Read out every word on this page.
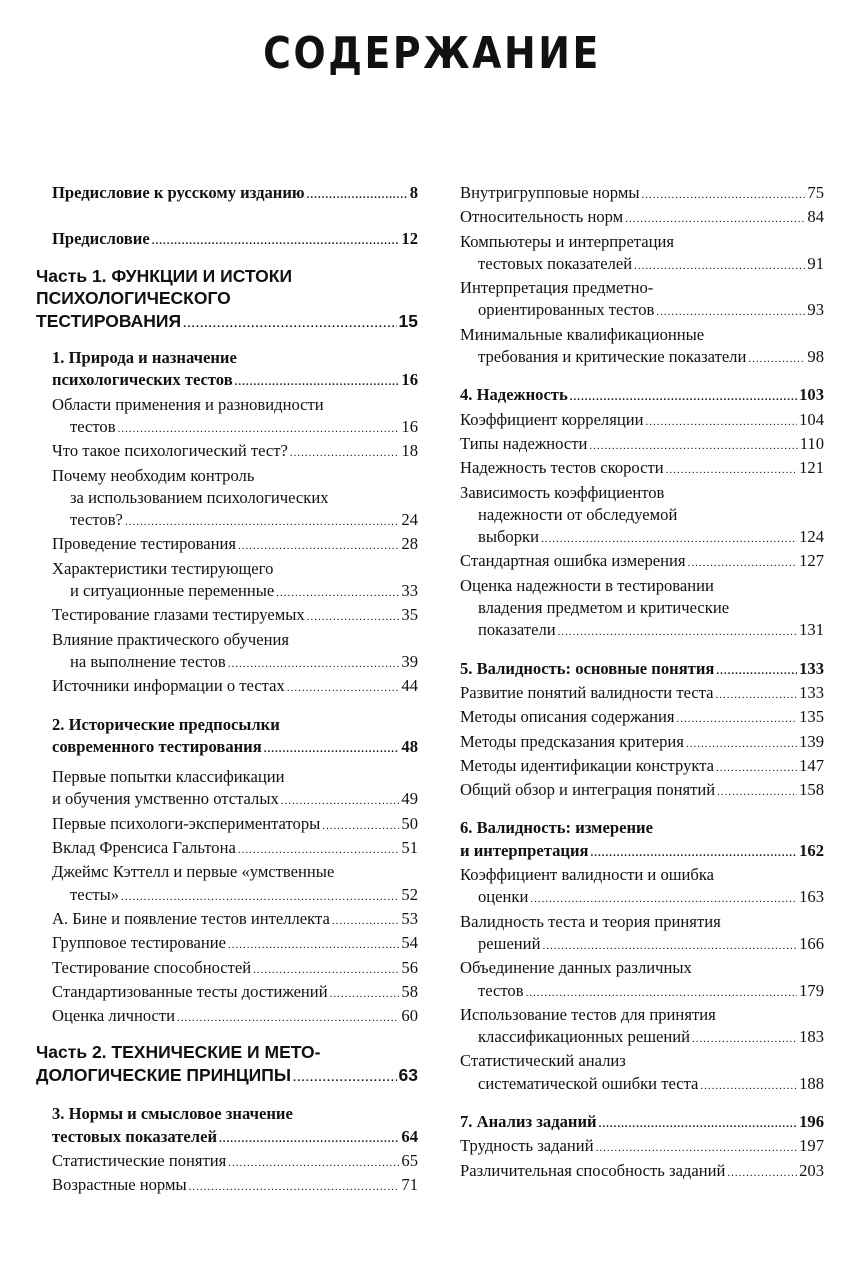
СОДЕРЖАНИЕ
Предисловие к русскому изданию .....	8
Предисловие .....	12
Часть 1. ФУНКЦИИ И ИСТОКИ
ПСИХОЛОГИЧЕСКОГО
ТЕСТИРОВАНИЯ .....	15
1. Природа и назначение
психологических тестов .....	16
Области применения и разновидности
тестов .....	16
Что такое психологический тест? .....	18
Почему необходим контроль
за использованием психологических
тестов? .....	24
Проведение тестирования .....	28
Характеристики тестирующего
и ситуационные переменные .....	33
Тестирование глазами тестируемых .....	35
Влияние практического обучения
на выполнение тестов .....	39
Источники информации о тестах .....	44
2. Исторические предпосылки
современного тестирования .....	48
Первые попытки классификации
и обучения умственно отсталых .....	49
Первые психологи-экспериментаторы .....	50
Вклад Френсиса Гальтона .....	51
Джеймс Кэттелл и первые «умственные
тесты» .....	52
А. Бине и появление тестов интеллекта .....	53
Групповое тестирование .....	54
Тестирование способностей .....	56
Стандартизованные тесты достижений .....	58
Оценка личности .....	60
Часть 2. ТЕХНИЧЕСКИЕ И МЕТО-
ДОЛОГИЧЕСКИЕ ПРИНЦИПЫ .....	63
3. Нормы и смысловое значение
тестовых показателей .....	64
Статистические понятия .....	65
Возрастные нормы .....	71
Внутригрупповые нормы .....	75
Относительность норм .....	84
Компьютеры и интерпретация
тестовых показателей .....	91
Интерпретация предметно-
ориентированных тестов .....	93
Минимальные квалификационные
требования и критические показатели .....	98
4. Надежность .....	103
Коэффициент корреляции .....	104
Типы надежности .....	110
Надежность тестов скорости .....	121
Зависимость коэффициентов
надежности от обследуемой
выборки .....	124
Стандартная ошибка измерения .....	127
Оценка надежности в тестировании
владения предметом и критические
показатели .....	131
5. Валидность: основные понятия .....	133
Развитие понятий валидности теста .....	133
Методы описания содержания .....	135
Методы предсказания критерия .....	139
Методы идентификации конструкта .....	147
Общий обзор и интеграция понятий .....	158
6. Валидность: измерение
и интерпретация .....	162
Коэффициент валидности и ошибка
оценки .....	163
Валидность теста и теория принятия
решений .....	166
Объединение данных различных
тестов .....	179
Использование тестов для принятия
классификационных решений .....	183
Статистический анализ
систематической ошибки теста .....	188
7. Анализ заданий .....	196
Трудность заданий .....	197
Различительная способность заданий .....	203
